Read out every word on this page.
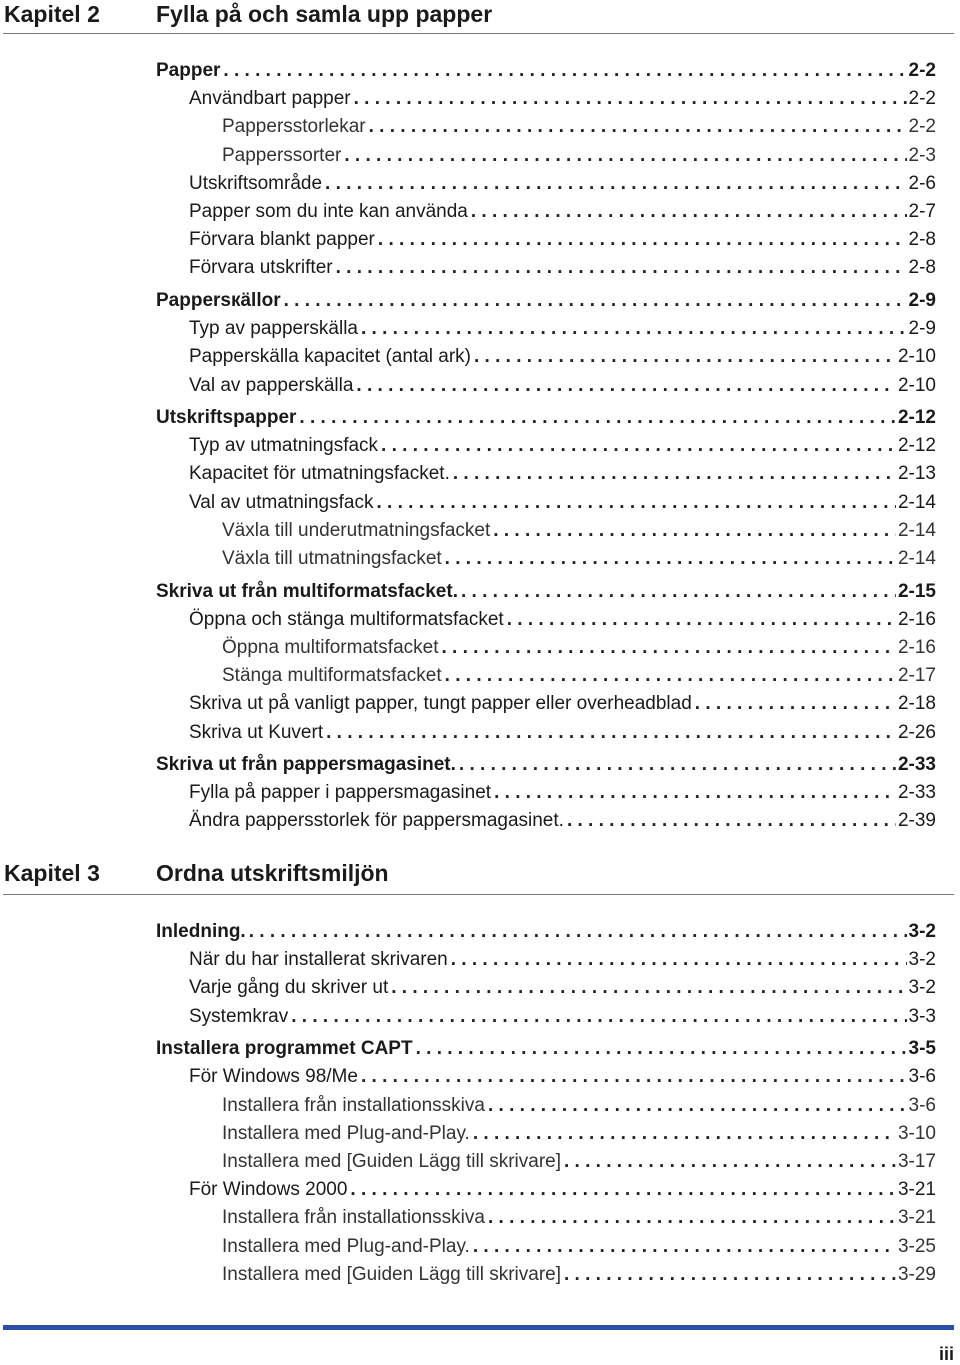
Kapitel 2 Fylla på och samla upp papper
Papper . . .	2-2
Användbart papper . . .	2-2
Pappersstorlekar . . .	2-2
Papperssorter . . .	2-3
Utskriftsområde . . .	2-6
Papper som du inte kan använda . . .	2-7
Förvara blankt papper . . .	2-8
Förvara utskrifter . . .	2-8
Pappersкällor . . .	2-9
Typ av papperskälla . . .	2-9
Papperskälla kapacitet (antal ark) . . .	2-10
Val av papperskälla . . .	2-10
Utskriftspapper . . .	2-12
Typ av utmatningsfack . . .	2-12
Kapacitet för utmatningsfacket. . . .	2-13
Val av utmatningsfack . . .	2-14
Växla till underutmatningsfacket . . .	2-14
Växla till utmatningsfacket . . .	2-14
Skriva ut från multiformatsfacket. . . .	2-15
Öppna och stänga multiformatsfacket . . .	2-16
Öppna multiformatsfacket . . .	2-16
Stänga multiformatsfacket . . .	2-17
Skriva ut på vanligt papper, tungt papper eller overheadblad . . .	2-18
Skriva ut Kuvert . . .	2-26
Skriva ut från pappersmagasinet. . . .	2-33
Fylla på papper i pappersmagasinet . . .	2-33
Ändra pappersstorlek för pappersmagasinet. . . .	2-39
Kapitel 3 Ordna utskriftsmiljön
Inledning. . . .	3-2
När du har installerat skrivaren . . .	3-2
Varje gång du skriver ut . . .	3-2
Systemkrav . . .	3-3
Installera programmet CAPT . . .	3-5
För Windows 98/Me . . .	3-6
Installera från installationsskiva . . .	3-6
Installera med Plug-and-Play. . . .	3-10
Installera med [Guiden Lägg till skrivare] . . .	3-17
För Windows 2000 . . .	3-21
Installera från installationsskiva . . .	3-21
Installera med Plug-and-Play. . . .	3-25
Installera med [Guiden Lägg till skrivare] . . .	3-29
iii
